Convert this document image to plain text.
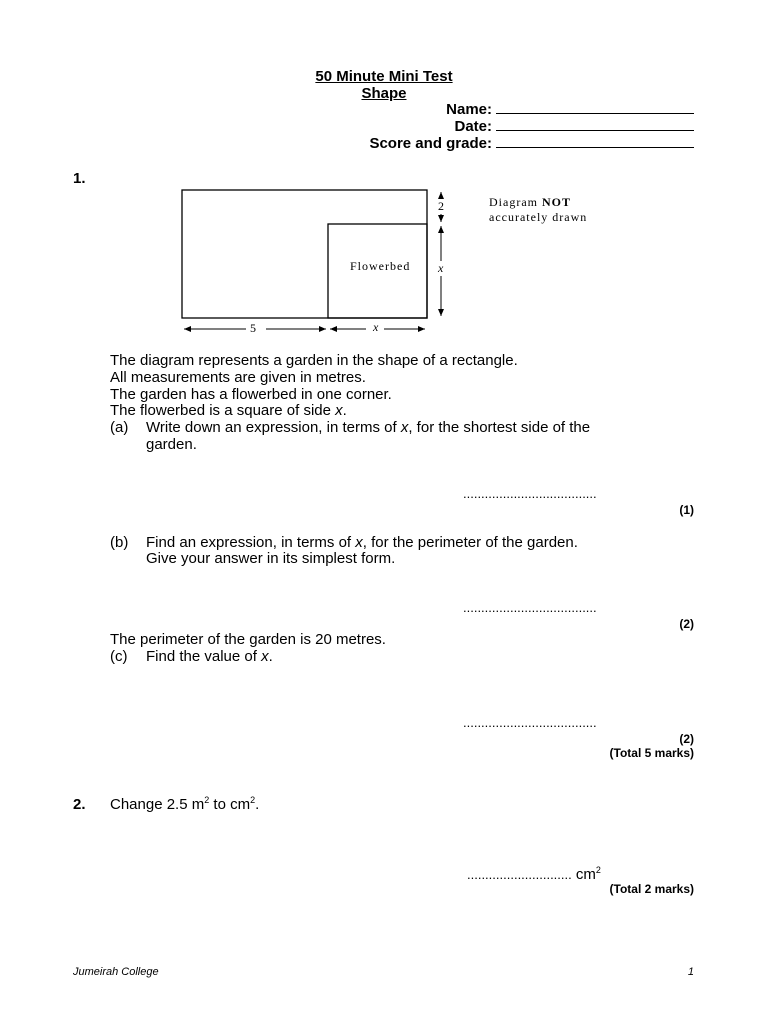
50 Minute Mini Test
Shape
Name:
Date:
Score and grade:
1.
Flowerbed
2
x
5	x
Diagram NOT
accurately drawn
The diagram represents a garden in the shape of a rectangle.
All measurements are given in metres.
The garden has a flowerbed in one corner.
The flowerbed is a square of side x.
(a) Write down an expression, in terms of x, for the shortest side of the
garden.
.....................................
(1)
(b) Find an expression, in terms of x, for the perimeter of the garden.
Give your answer in its simplest form.
.....................................
(2)
The perimeter of the garden is 20 metres.
(c) Find the value of x.
.....................................
(2)
(Total 5 marks)
2. Change 2.5 $m^2$ to $cm^2$.
............................. $cm^2$
(Total 2 marks)
Jumeirah College	1
